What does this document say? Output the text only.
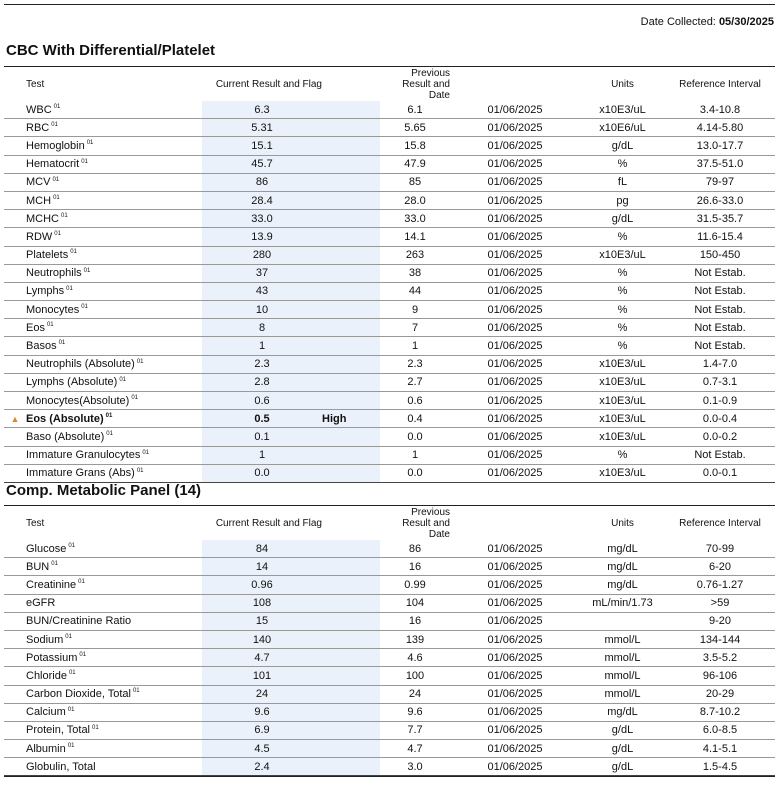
Date Collected: 05/30/2025
CBC With Differential/Platelet
	Test	Current Result and Flag		Previous Result and Date		Units	Reference Interval
	WBC $^{01}$	6.3		6.1	01/06/2025	x10E3/uL	3.4-10.8
	RBC $^{01}$	5.31		5.65	01/06/2025	x10E6/uL	4.14-5.80
	Hemoglobin $^{01}$	15.1		15.8	01/06/2025	g/dL	13.0-17.7
	Hematocrit $^{01}$	45.7		47.9	01/06/2025	%	37.5-51.0
	MCV $^{01}$	86		85	01/06/2025	fL	79-97
	MCH $^{01}$	28.4		28.0	01/06/2025	pg	26.6-33.0
	MCHC $^{01}$	33.0		33.0	01/06/2025	g/dL	31.5-35.7
	RDW $^{01}$	13.9		14.1	01/06/2025	%	11.6-15.4
	Platelets $^{01}$	280		263	01/06/2025	x10E3/uL	150-450
	Neutrophils $^{01}$	37		38	01/06/2025	%	Not Estab.
	Lymphs $^{01}$	43		44	01/06/2025	%	Not Estab.
	Monocytes $^{01}$	10		9	01/06/2025	%	Not Estab.
	Eos $^{01}$	8		7	01/06/2025	%	Not Estab.
	Basos $^{01}$	1		1	01/06/2025	%	Not Estab.
	Neutrophils (Absolute) $^{01}$	2.3		2.3	01/06/2025	x10E3/uL	1.4-7.0
	Lymphs (Absolute) $^{01}$	2.8		2.7	01/06/2025	x10E3/uL	0.7-3.1
	Monocytes(Absolute) $^{01}$	0.6		0.6	01/06/2025	x10E3/uL	0.1-0.9
▲	Eos (Absolute) $^{01}$	0.5	High	0.4	01/06/2025	x10E3/uL	0.0-0.4
	Baso (Absolute) $^{01}$	0.1		0.0	01/06/2025	x10E3/uL	0.0-0.2
	Immature Granulocytes $^{01}$	1		1	01/06/2025	%	Not Estab.
	Immature Grans (Abs) $^{01}$	0.0		0.0	01/06/2025	x10E3/uL	0.0-0.1
Comp. Metabolic Panel (14)
	Test	Current Result and Flag		Previous Result and Date		Units	Reference Interval
	Glucose $^{01}$	84		86	01/06/2025	mg/dL	70-99
	BUN $^{01}$	14		16	01/06/2025	mg/dL	6-20
	Creatinine $^{01}$	0.96		0.99	01/06/2025	mg/dL	0.76-1.27
	eGFR	108		104	01/06/2025	mL/min/1.73	>59
	BUN/Creatinine Ratio	15		16	01/06/2025		9-20
	Sodium $^{01}$	140		139	01/06/2025	mmol/L	134-144
	Potassium $^{01}$	4.7		4.6	01/06/2025	mmol/L	3.5-5.2
	Chloride $^{01}$	101		100	01/06/2025	mmol/L	96-106
	Carbon Dioxide, Total $^{01}$	24		24	01/06/2025	mmol/L	20-29
	Calcium $^{01}$	9.6		9.6	01/06/2025	mg/dL	8.7-10.2
	Protein, Total $^{01}$	6.9		7.7	01/06/2025	g/dL	6.0-8.5
	Albumin $^{01}$	4.5		4.7	01/06/2025	g/dL	4.1-5.1
	Globulin, Total	2.4		3.0	01/06/2025	g/dL	1.5-4.5
